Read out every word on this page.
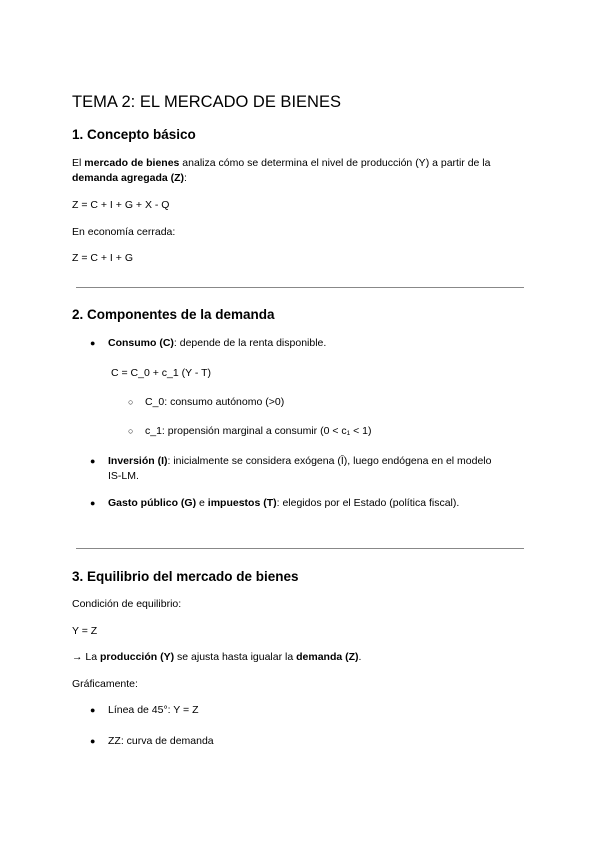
TEMA 2: EL MERCADO DE BIENES
1. Concepto básico
El mercado de bienes analiza cómo se determina el nivel de producción (Y) a partir de la
demanda agregada (Z):
Z = C + I + G + X - Q
En economía cerrada:
Z = C + I + G
2. Componentes de la demanda
● Consumo (C): depende de la renta disponible.
C = C_0 + c_1 (Y - T)
○ C_0: consumo autónomo (>0)
○ c_1: propensión marginal a consumir (0 < c₁ < 1)
● Inversión (I): inicialmente se considera exógena (Ī), luego endógena en el modelo
IS-LM.
● Gasto público (G) e impuestos (T): elegidos por el Estado (política fiscal).
3. Equilibrio del mercado de bienes
Condición de equilibrio:
Y = Z
→ La producción (Y) se ajusta hasta igualar la demanda (Z).
Gráficamente:
● Línea de 45°: Y = Z
● ZZ: curva de demanda
